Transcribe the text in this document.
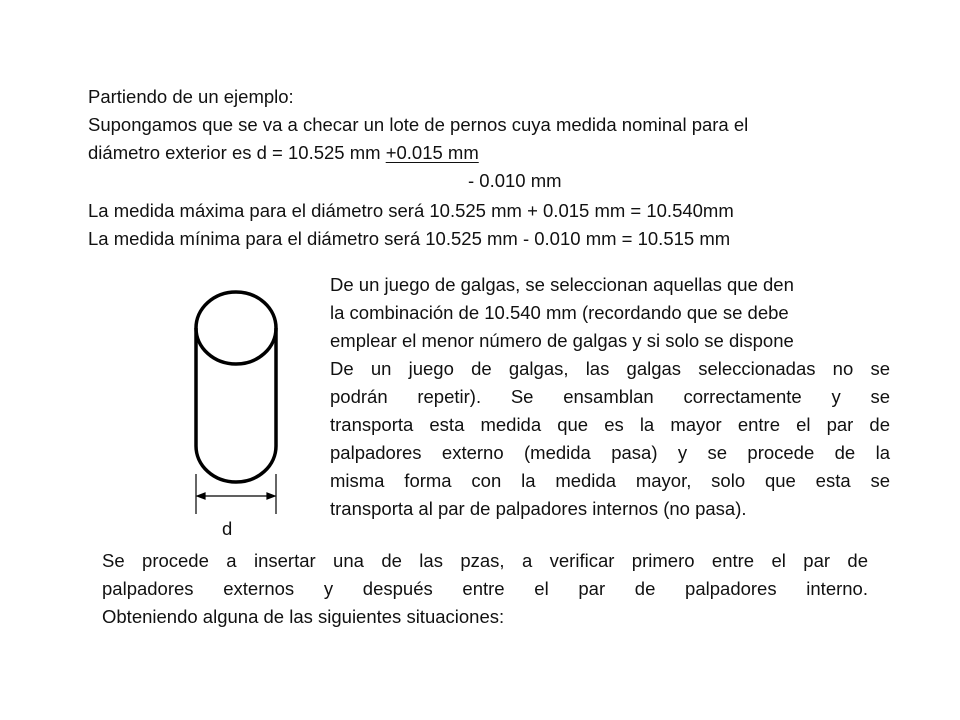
Partiendo de un ejemplo:
Supongamos que se va a checar un lote de pernos cuya medida nominal para el
diámetro exterior es d = 10.525 mm +0.015 mm
- 0.010 mm
La medida máxima para el diámetro será 10.525 mm + 0.015 mm = 10.540mm
La medida mínima para el diámetro será 10.525 mm - 0.010 mm = 10.515 mm
d
De un juego de galgas, se seleccionan aquellas que den
la combinación de 10.540 mm (recordando que se debe
emplear el menor número de galgas y si solo se dispone
De un juego de galgas, las galgas seleccionadas no se
podrán repetir). Se ensamblan correctamente y se
transporta esta medida que es la mayor entre el par de
palpadores externo (medida pasa) y se procede de la
misma forma con la medida mayor, solo que esta se
transporta al par de palpadores internos (no pasa).
Se procede a insertar una de las pzas, a verificar primero entre el par de
palpadores externos y después entre el par de palpadores interno.
Obteniendo alguna de las siguientes situaciones:
